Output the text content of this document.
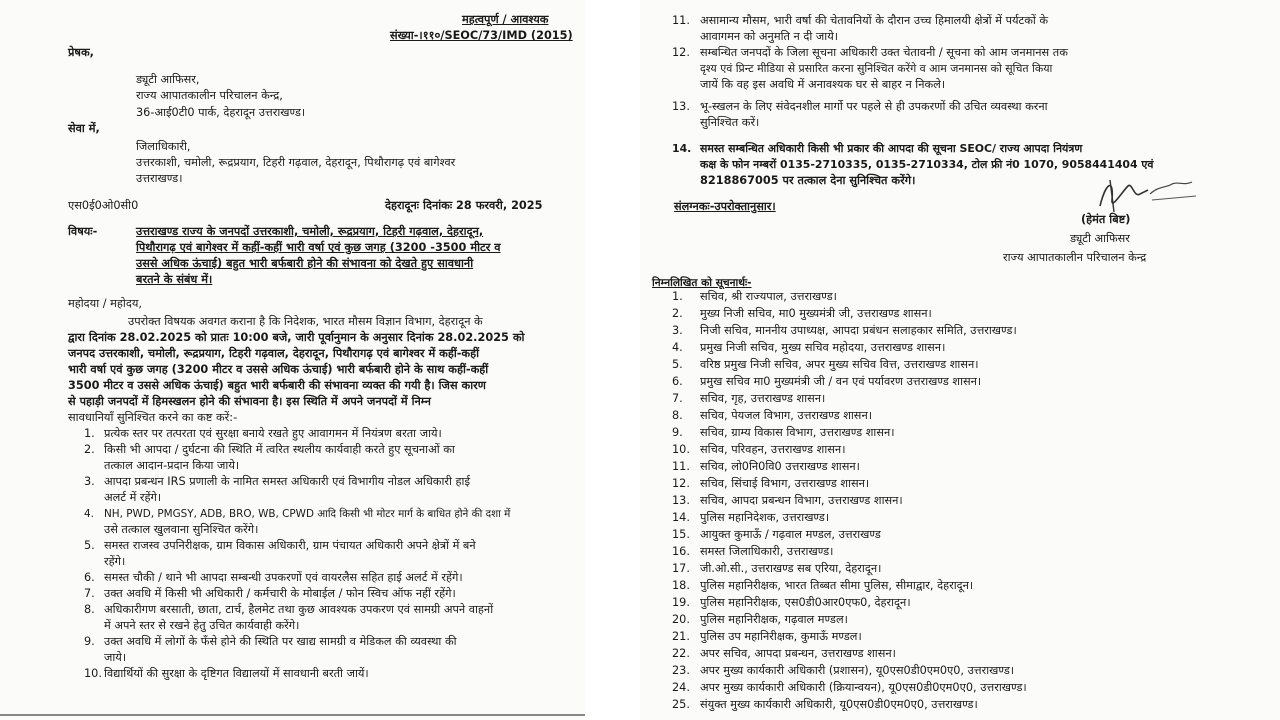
महत्वपूर्ण / आवश्यक
संख्या-।११०/SEOC/73/IMD (2015)
प्रेषक,
ड्यूटी आफिसर,
राज्य आपातकालीन परिचालन केन्द्र,
36-आई0टी0 पार्क, देहरादून उत्तराखण्ड।
सेवा में,
जिलाधिकारी,
उत्तरकाशी, चमोली, रूद्रप्रयाग, टिहरी गढ़वाल, देहरादून, पिथौरागढ़ एवं बागेश्वर
उत्तराखण्ड।
एस0ई0ओ0सी0	देहरादूनः दिनांकः 28 फरवरी, 2025
विषयः-	उत्तराखण्ड राज्य के जनपदों उत्तरकाशी, चमोली, रूद्रप्रयाग, टिहरी गढ़वाल, देहरादून,
पिथौरागढ़ एवं बागेश्वर में कहीं-कहीं भारी वर्षा एवं कुछ जगह (3200 -3500 मीटर व
उससे अधिक ऊंचाई) बहुत भारी बर्फबारी होने की संभावना को देखते हुए सावधानी
बरतने के संबंध में।
महोदया / महोदय,
उपरोक्त विषयक अवगत कराना है कि निदेशक, भारत मौसम विज्ञान विभाग, देहरादून के
द्वारा दिनांक 28.02.2025 को प्रातः 10:00 बजे, जारी पूर्वानुमान के अनुसार दिनांक 28.02.2025 को
जनपद उत्तरकाशी, चमोली, रूद्रप्रयाग, टिहरी गढ़वाल, देहरादून, पिथौरागढ़ एवं बागेश्वर में कहीं-कहीं
भारी वर्षा एवं कुछ जगह (3200 मीटर व उससे अधिक ऊंचाई) भारी बर्फबारी होने के साथ कहीं-कहीं
3500 मीटर व उससे अधिक ऊंचाई) बहुत भारी बर्फबारी की संभावना व्यक्त की गयी है। जिस कारण
से पहाड़ी जनपदों में हिमस्खलन होने की संभावना है। इस स्थिति में अपने जनपदों में निम्न
सावधानियाँ सुनिश्चित करने का कष्ट करें:-
1. प्रत्येक स्तर पर तत्परता एवं सुरक्षा बनाये रखते हुए आवागमन में नियंत्रण बरता जाये।
2. किसी भी आपदा / दुर्घटना की स्थिति में त्वरित स्थलीय कार्यवाही करते हुए सूचनाओं का
तत्काल आदान-प्रदान किया जाये।
3. आपदा प्रबन्धन IRS प्रणाली के नामित समस्त अधिकारी एवं विभागीय नोडल अधिकारी हाई
अलर्ट में रहेंगे।
4. NH, PWD, PMGSY, ADB, BRO, WB, CPWD आदि किसी भी मोटर मार्ग के बाधित होने की दशा में
उसे तत्काल खुलवाना सुनिश्चित करेंगे।
5. समस्त राजस्व उपनिरीक्षक, ग्राम विकास अधिकारी, ग्राम पंचायत अधिकारी अपने क्षेत्रों में बने
रहेंगे।
6. समस्त चौकी / थाने भी आपदा सम्बन्धी उपकरणों एवं वायरलैस सहित हाई अलर्ट में रहेंगे।
7. उक्त अवधि में किसी भी अधिकारी / कर्मचारी के मोबाईल / फोन स्विच ऑफ नहीं रहेंगे।
8. अधिकारीगण बरसाती, छाता, टार्च, हैलमेट तथा कुछ आवश्यक उपकरण एवं सामग्री अपने वाहनों
में अपने स्तर से रखने हेतु उचित कार्यवाही करेंगे।
9. उक्त अवधि में लोगों के फँसे होने की स्थिति पर खाद्य सामग्री व मेडिकल की व्यवस्था की
जाये।
10. विद्यार्थियों की सुरक्षा के दृष्टिगत विद्यालयों में सावधानी बरती जायें।
11. असामान्य मौसम, भारी वर्षा की चेतावनियों के दौरान उच्च हिमालयी क्षेत्रों में पर्यटकों के
आवागमन को अनुमति न दी जाये।
12. सम्बन्धित जनपदों के जिला सूचना अधिकारी उक्त चेतावनी / सूचना को आम जनमानस तक
दृश्य एवं प्रिन्ट मीडिया से प्रसारित करना सुनिश्चित करेंगे व आम जनमानस को सूचित किया
जायें कि वह इस अवधि में अनावश्यक घर से बाहर न निकले।
13. भू-स्खलन के लिए संवेदनशील मार्गो पर पहले से ही उपकरणों की उचित व्यवस्था करना
सुनिश्चित करें।
14. समस्त सम्बन्धित अधिकारी किसी भी प्रकार की आपदा की सूचना SEOC/ राज्य आपदा नियंत्रण
कक्ष के फोन नम्बरों 0135-2710335, 0135-2710334, टोल फ्री नं0 1070, 9058441404 एवं
8218867005 पर तत्काल देना सुनिश्चित करेंगे।
संलग्नकः-उपरोक्तानुसार।
(हेमंत बिष्ट)
ड्यूटी आफिसर
राज्य आपातकालीन परिचालन केन्द्र
निम्नलिखित को सूचनार्थः-
1. सचिव, श्री राज्यपाल, उत्तराखण्ड।
2. मुख्य निजी सचिव, मा0 मुख्यमंत्री जी, उत्तराखण्ड शासन।
3. निजी सचिव, माननीय उपाध्यक्ष, आपदा प्रबंधन सलाहकार समिति, उत्तराखण्ड।
4. प्रमुख निजी सचिव, मुख्य सचिव महोदया, उत्तराखण्ड शासन।
5. वरिष्ठ प्रमुख निजी सचिव, अपर मुख्य सचिव वित्त, उत्तराखण्ड शासन।
6. प्रमुख सचिव मा0 मुख्यमंत्री जी / वन एवं पर्यावरण उत्तराखण्ड शासन।
7. सचिव, गृह, उत्तराखण्ड शासन।
8. सचिव, पेयजल विभाग, उत्तराखण्ड शासन।
9. सचिव, ग्राम्य विकास विभाग, उत्तराखण्ड शासन।
10. सचिव, परिवहन, उत्तराखण्ड शासन।
11. सचिव, लो0नि0वि0 उत्तराखण्ड शासन।
12. सचिव, सिंचाई विभाग, उत्तराखण्ड शासन।
13. सचिव, आपदा प्रबन्धन विभाग, उत्तराखण्ड शासन।
14. पुलिस महानिदेशक, उत्तराखण्ड।
15. आयुक्त कुमाऊँ / गढ़वाल मण्डल, उत्तराखण्ड
16. समस्त जिलाधिकारी, उत्तराखण्ड।
17. जी.ओ.सी., उत्तराखण्ड सब एरिया, देहरादून।
18. पुलिस महानिरीक्षक, भारत तिब्बत सीमा पुलिस, सीमाद्वार, देहरादून।
19. पुलिस महानिरीक्षक, एस0डी0आर0एफ0, देहरादून।
20. पुलिस महानिरीक्षक, गढ़वाल मण्डल।
21. पुलिस उप महानिरीक्षक, कुमाऊँ मण्डल।
22. अपर सचिव, आपदा प्रबन्धन, उत्तराखण्ड शासन।
23. अपर मुख्य कार्यकारी अधिकारी (प्रशासन), यू0एस0डी0एम0ए0, उत्तराखण्ड।
24. अपर मुख्य कार्यकारी अधिकारी (क्रियान्वयन), यू0एस0डी0एम0ए0, उत्तराखण्ड।
25. संयुक्त मुख्य कार्यकारी अधिकारी, यू0एस0डी0एम0ए0, उत्तराखण्ड।
